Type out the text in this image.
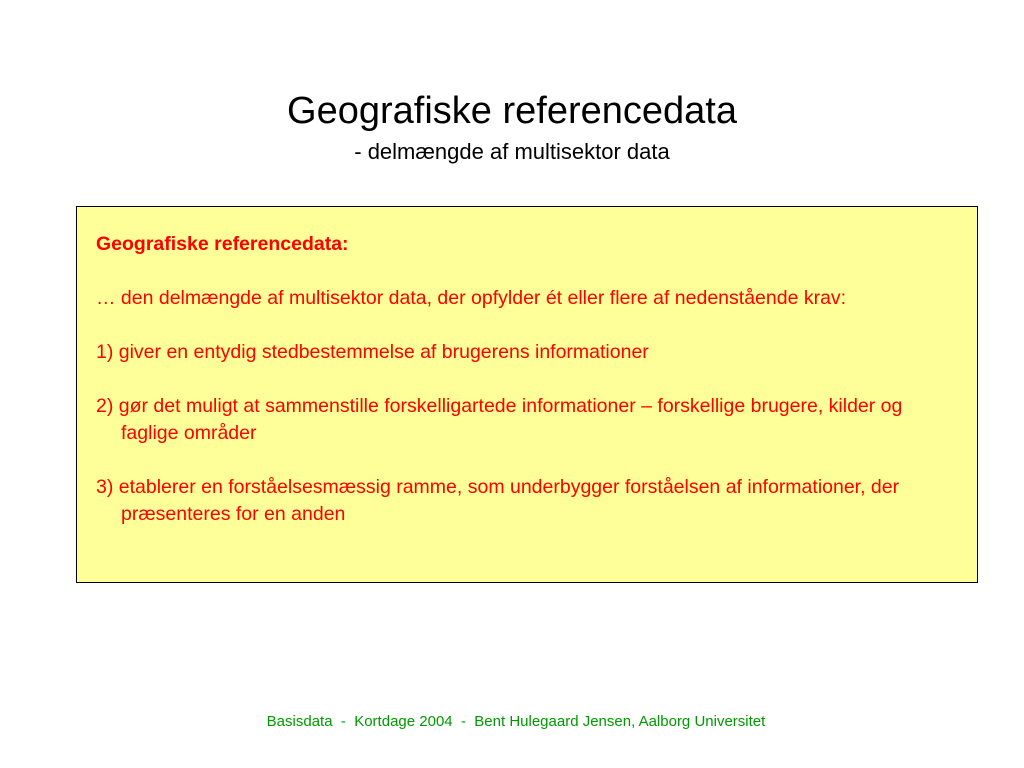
Geografiske referencedata
- delmængde af multisektor data
Geografiske referencedata:
… den delmængde af multisektor data, der opfylder ét eller flere af nedenstående krav:
1) giver en entydig stedbestemmelse af brugerens informationer
2) gør det muligt at sammenstille forskelligartede informationer – forskellige brugere, kilder og faglige områder
3) etablerer en forståelsesmæssig ramme, som underbygger forståelsen af informationer, der præsenteres for en anden
Basisdata  -  Kortdage 2004  -  Bent Hulegaard Jensen, Aalborg Universitet
